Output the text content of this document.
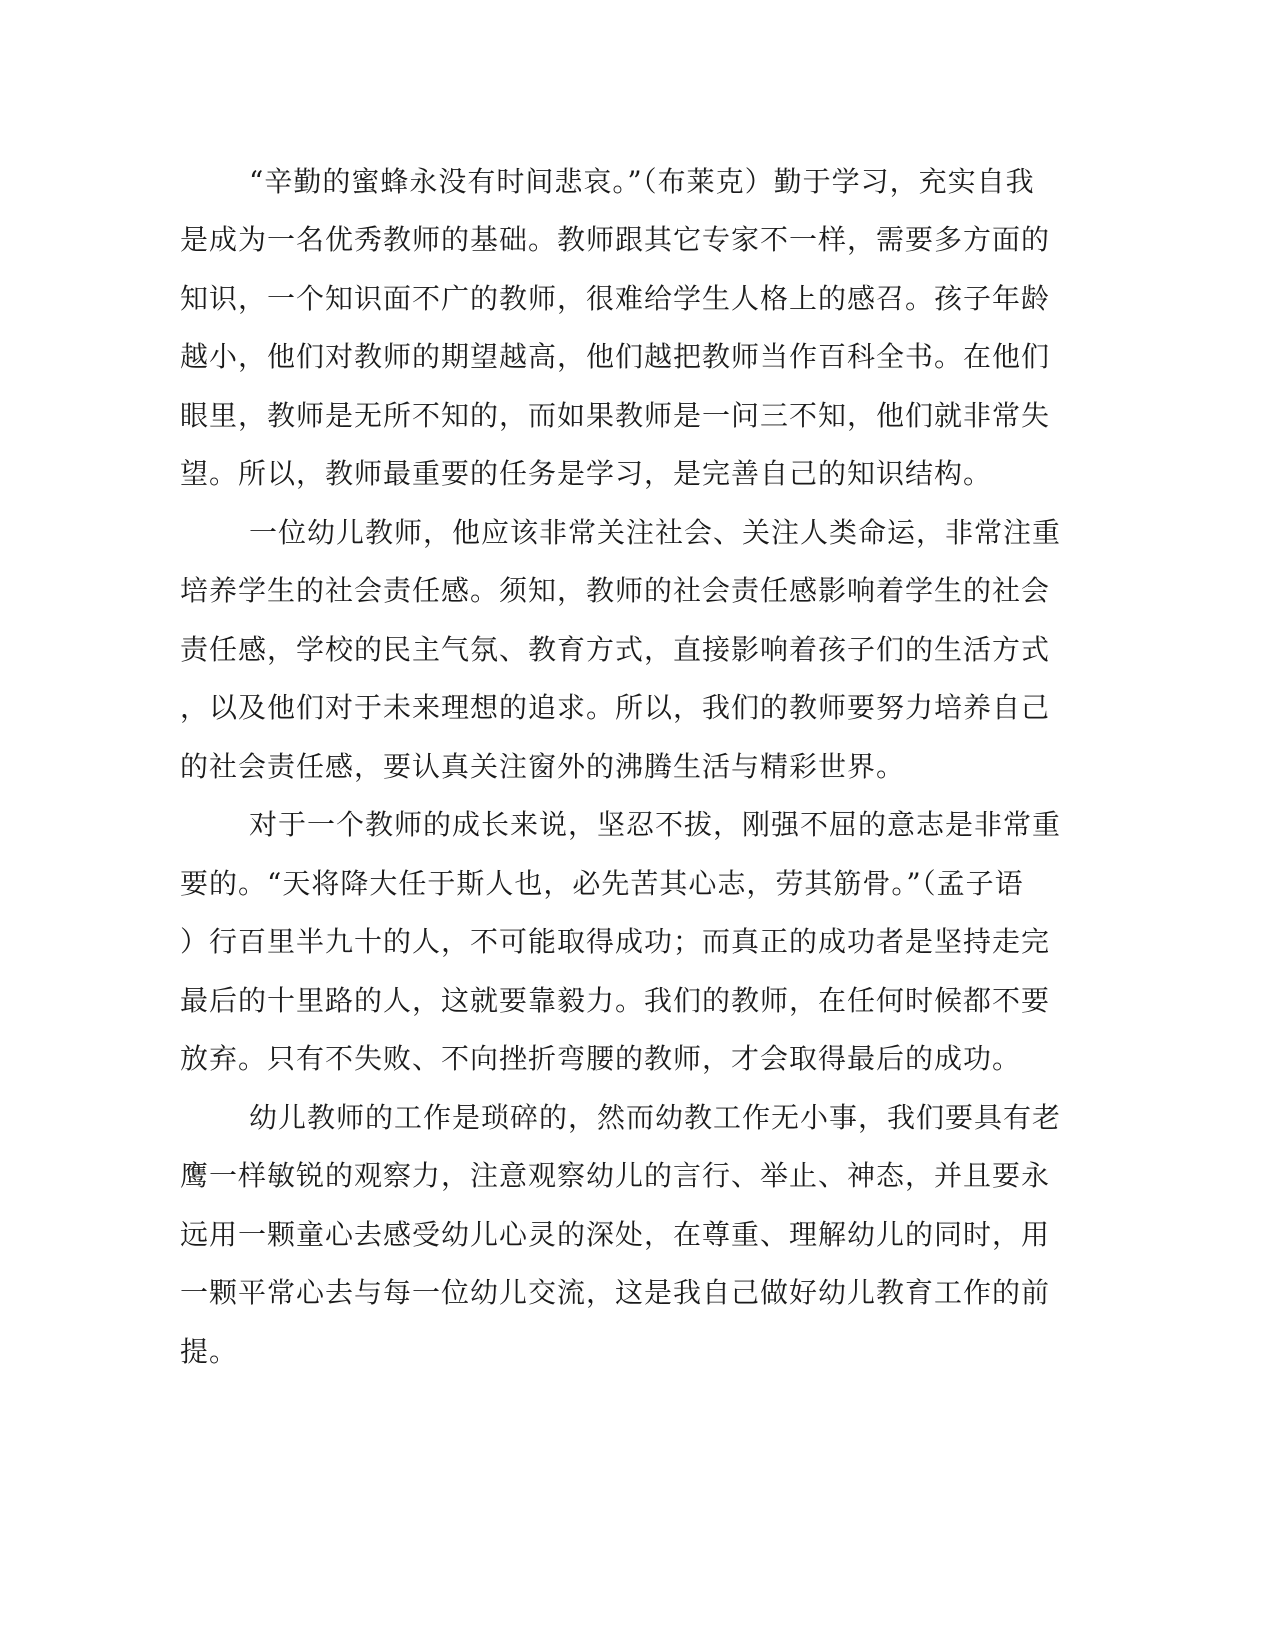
“辛勤的蜜蜂永没有时间悲哀。”（布莱克）勤于学习，充实自我
是成为一名优秀教师的基础。教师跟其它专家不一样，需要多方面的
知识，一个知识面不广的教师，很难给学生人格上的感召。孩子年龄
越小，他们对教师的期望越高，他们越把教师当作百科全书。在他们
眼里，教师是无所不知的，而如果教师是一问三不知，他们就非常失
望。所以，教师最重要的任务是学习，是完善自己的知识结构。
一位幼儿教师，他应该非常关注社会、关注人类命运，非常注重
培养学生的社会责任感。须知，教师的社会责任感影响着学生的社会
责任感，学校的民主气氛、教育方式，直接影响着孩子们的生活方式
，以及他们对于未来理想的追求。所以，我们的教师要努力培养自己
的社会责任感，要认真关注窗外的沸腾生活与精彩世界。
对于一个教师的成长来说，坚忍不拔，刚强不屈的意志是非常重
要的。“天将降大任于斯人也，必先苦其心志，劳其筋骨。”（孟子语
）行百里半九十的人，不可能取得成功；而真正的成功者是坚持走完
最后的十里路的人，这就要靠毅力。我们的教师，在任何时候都不要
放弃。只有不失败、不向挫折弯腰的教师，才会取得最后的成功。
幼儿教师的工作是琐碎的，然而幼教工作无小事，我们要具有老
鹰一样敏锐的观察力，注意观察幼儿的言行、举止、神态，并且要永
远用一颗童心去感受幼儿心灵的深处，在尊重、理解幼儿的同时，用
一颗平常心去与每一位幼儿交流，这是我自己做好幼儿教育工作的前
提。
